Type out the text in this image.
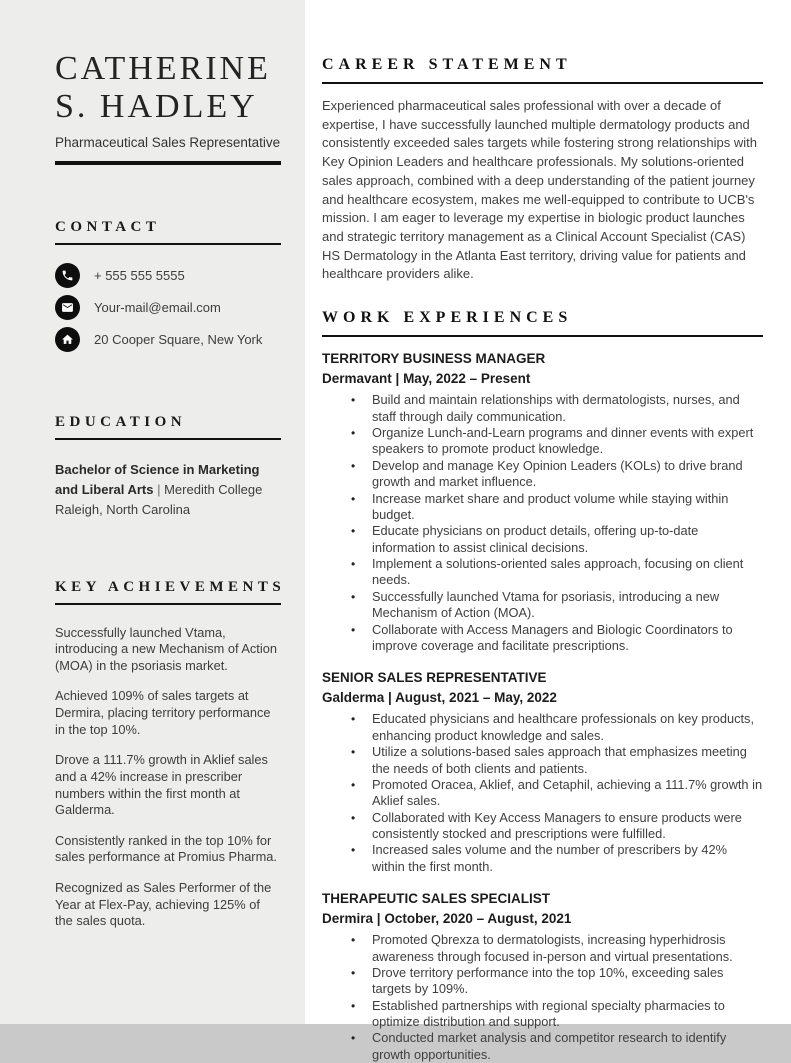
CATHERINE
S. HADLEY
Pharmaceutical Sales Representative
CONTACT
+ 555 555 5555
Your-mail@email.com
20 Cooper Square, New York
EDUCATION

Bachelor of Science in Marketing and Liberal Arts | Meredith College Raleigh, North Carolina

KEY ACHIEVEMENTS

Successfully launched Vtama, introducing a new Mechanism of Action (MOA) in the psoriasis market.

Achieved 109% of sales targets at Dermira, placing territory performance in the top 10%.

Drove a 111.7% growth in Aklief sales and a 42% increase in prescriber numbers within the first month at Galderma.

Consistently ranked in the top 10% for sales performance at Promius Pharma.

Recognized as Sales Performer of the Year at Flex-Pay, achieving 125% of the sales quota.

CAREER STATEMENT

Experienced pharmaceutical sales professional with over a decade of expertise, I have successfully launched multiple dermatology products and consistently exceeded sales targets while fostering strong relationships with Key Opinion Leaders and healthcare professionals. My solutions-oriented sales approach, combined with a deep understanding of the patient journey and healthcare ecosystem, makes me well-equipped to contribute to UCB's mission. I am eager to leverage my expertise in biologic product launches and strategic territory management as a Clinical Account Specialist (CAS) HS Dermatology in the Atlanta East territory, driving value for patients and healthcare providers alike.

WORK EXPERIENCES
TERRITORY BUSINESS MANAGER
Dermavant | May, 2022 – Present
•	Build and maintain relationships with dermatologists, nurses, and staff through daily communication.
•	Organize Lunch-and-Learn programs and dinner events with expert speakers to promote product knowledge.
•	Develop and manage Key Opinion Leaders (KOLs) to drive brand growth and market influence.
•	Increase market share and product volume while staying within budget.
•	Educate physicians on product details, offering up-to-date information to assist clinical decisions.
•	Implement a solutions-oriented sales approach, focusing on client needs.
•	Successfully launched Vtama for psoriasis, introducing a new Mechanism of Action (MOA).
•	Collaborate with Access Managers and Biologic Coordinators to improve coverage and facilitate prescriptions.
SENIOR SALES REPRESENTATIVE
Galderma | August, 2021 – May, 2022
•	Educated physicians and healthcare professionals on key products, enhancing product knowledge and sales.
•	Utilize a solutions-based sales approach that emphasizes meeting the needs of both clients and patients.
•	Promoted Oracea, Aklief, and Cetaphil, achieving a 111.7% growth in Aklief sales.
•	Collaborated with Key Access Managers to ensure products were consistently stocked and prescriptions were fulfilled.
•	Increased sales volume and the number of prescribers by 42% within the first month.
THERAPEUTIC SALES SPECIALIST
Dermira | October, 2020 – August, 2021
•	Promoted Qbrexza to dermatologists, increasing hyperhidrosis awareness through focused in-person and virtual presentations.
•	Drove territory performance into the top 10%, exceeding sales targets by 109%.
•	Established partnerships with regional specialty pharmacies to optimize distribution and support.
•	Conducted market analysis and competitor research to identify growth opportunities.
